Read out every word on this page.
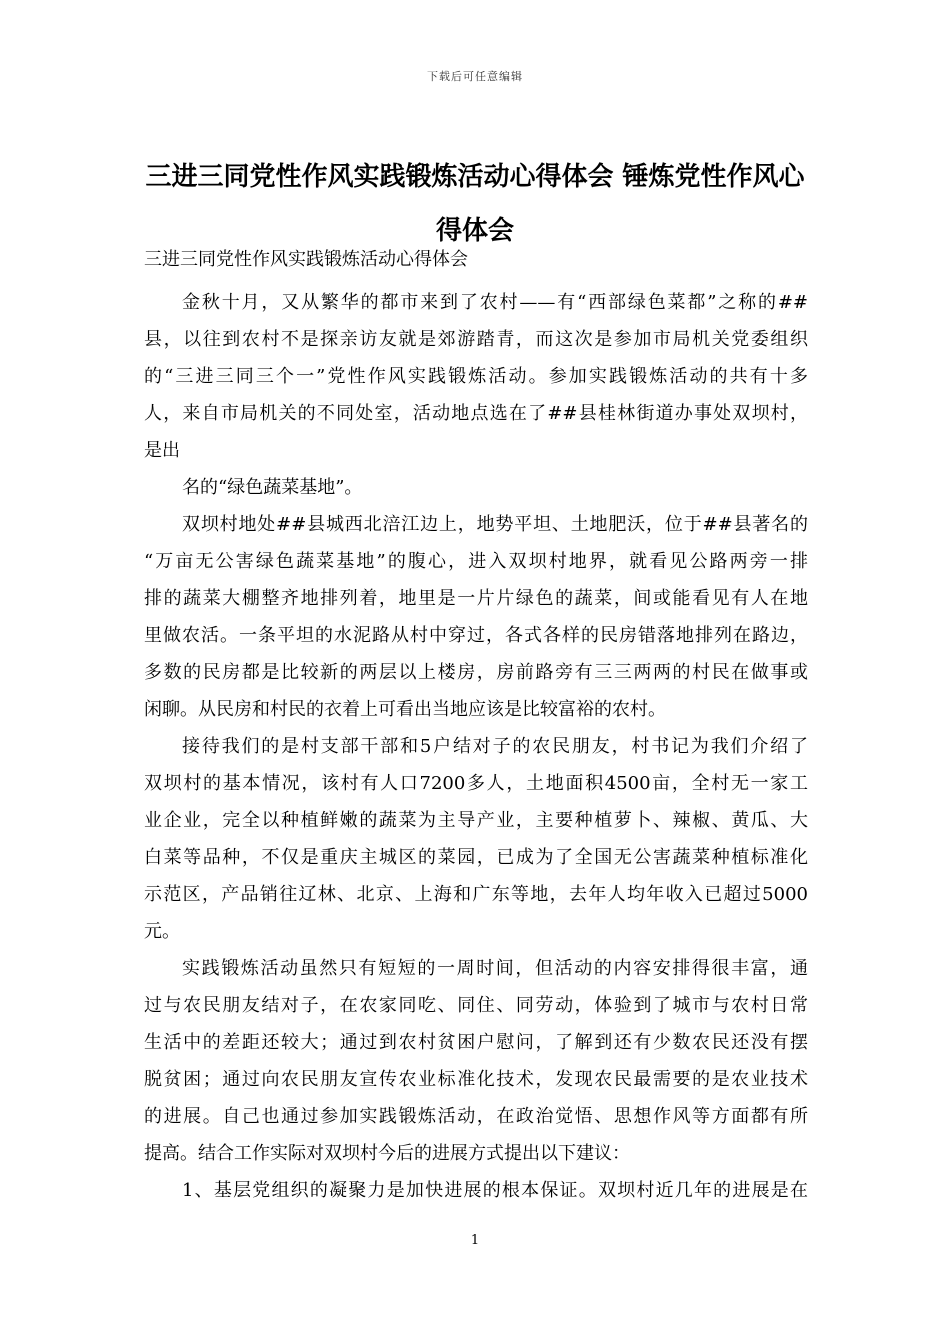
下载后可任意编辑
三进三同党性作风实践锻炼活动心得体会 锤炼党性作风心
得体会
三进三同党性作风实践锻炼活动心得体会
金秋十月，又从繁华的都市来到了农村——有“西部绿色菜都”之称的##
县，以往到农村不是探亲访友就是郊游踏青，而这次是参加市局机关党委组织
的“三进三同三个一”党性作风实践锻炼活动。参加实践锻炼活动的共有十多
人，来自市局机关的不同处室，活动地点选在了##县桂林街道办事处双坝村，
是出
名的“绿色蔬菜基地”。
双坝村地处##县城西北涪江边上，地势平坦、土地肥沃，位于##县著名的
“万亩无公害绿色蔬菜基地”的腹心，进入双坝村地界，就看见公路两旁一排
排的蔬菜大棚整齐地排列着，地里是一片片绿色的蔬菜，间或能看见有人在地
里做农活。一条平坦的水泥路从村中穿过，各式各样的民房错落地排列在路边，
多数的民房都是比较新的两层以上楼房，房前路旁有三三两两的村民在做事或
闲聊。从民房和村民的衣着上可看出当地应该是比较富裕的农村。
接待我们的是村支部干部和5户结对子的农民朋友，村书记为我们介绍了
双坝村的基本情况，该村有人口7200多人，土地面积4500亩，全村无一家工
业企业，完全以种植鲜嫩的蔬菜为主导产业，主要种植萝卜、辣椒、黄瓜、大
白菜等品种，不仅是重庆主城区的菜园，已成为了全国无公害蔬菜种植标准化
示范区，产品销往辽林、北京、上海和广东等地，去年人均年收入已超过5000
元。
实践锻炼活动虽然只有短短的一周时间，但活动的内容安排得很丰富，通
过与农民朋友结对子，在农家同吃、同住、同劳动，体验到了城市与农村日常
生活中的差距还较大；通过到农村贫困户慰问，了解到还有少数农民还没有摆
脱贫困；通过向农民朋友宣传农业标准化技术，发现农民最需要的是农业技术
的进展。自己也通过参加实践锻炼活动，在政治觉悟、思想作风等方面都有所
提高。结合工作实际对双坝村今后的进展方式提出以下建议：
1、基层党组织的凝聚力是加快进展的根本保证。双坝村近几年的进展是在
1
